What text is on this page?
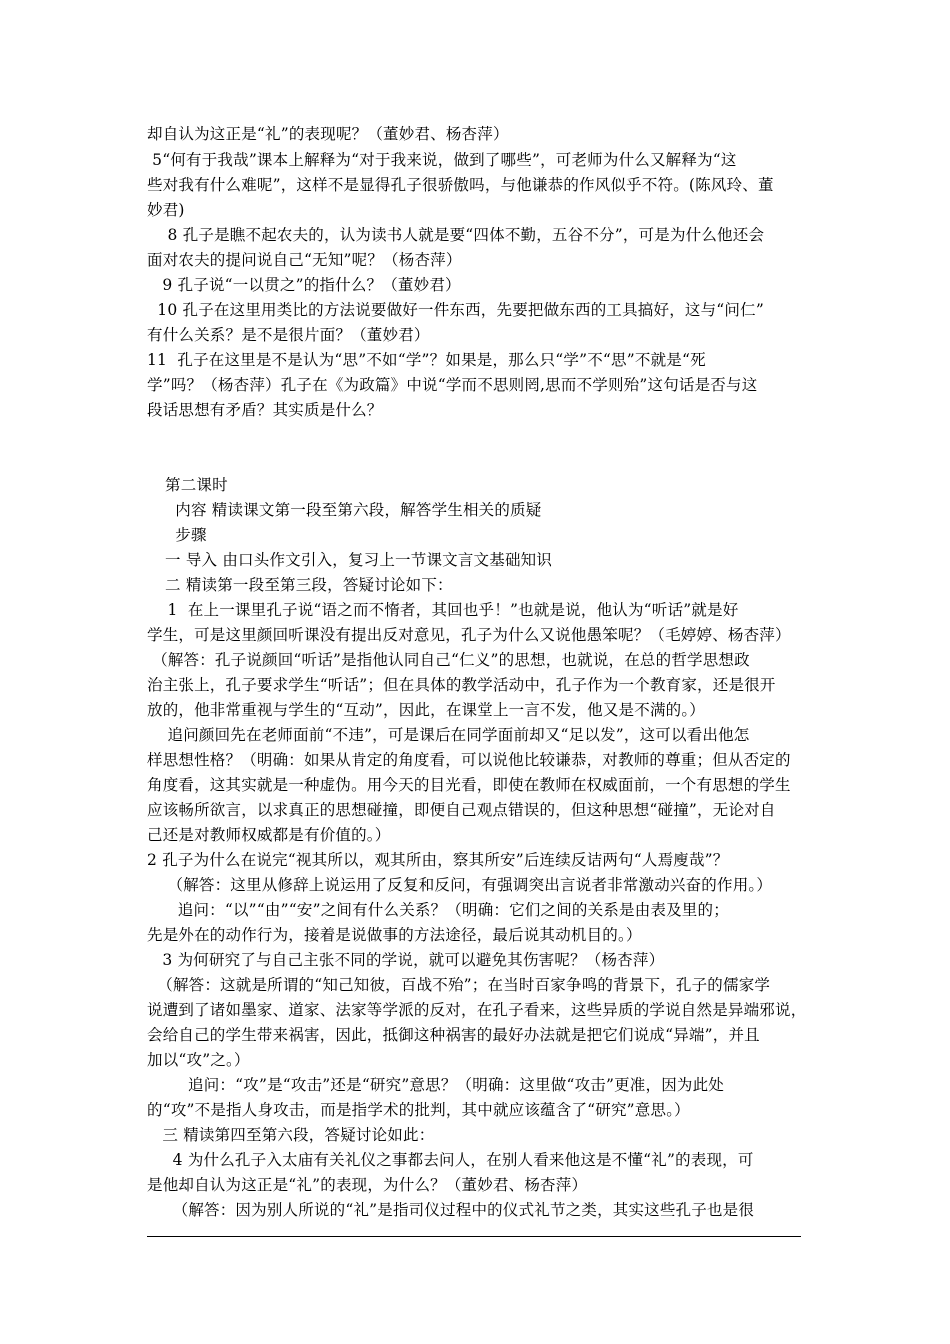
却自认为这正是“礼”的表现呢？（董妙君、杨杏萍）
5“何有于我哉”课本上解释为“对于我来说，做到了哪些”，可老师为什么又解释为“这
些对我有什么难呢”，这样不是显得孔子很骄傲吗，与他谦恭的作风似乎不符。(陈风玲、董
妙君)
8 孔子是瞧不起农夫的，认为读书人就是要“四体不勤，五谷不分”，可是为什么他还会
面对农夫的提问说自己“无知”呢？（杨杏萍）
9 孔子说“一以贯之”的指什么？（董妙君）
10 孔子在这里用类比的方法说要做好一件东西，先要把做东西的工具搞好，这与“问仁”
有什么关系？是不是很片面？（董妙君）
11  孔子在这里是不是认为“思”不如“学”？如果是，那么只“学”不“思”不就是“死
学”吗？（杨杏萍）孔子在《为政篇》中说“学而不思则罔,思而不学则殆”这句话是否与这
段话思想有矛盾？其实质是什么？
第二课时
内容 精读课文第一段至第六段，解答学生相关的质疑
步骤
一 导入 由口头作文引入，复习上一节课文言文基础知识
二 精读第一段至第三段，答疑讨论如下：
1  在上一课里孔子说“语之而不惰者，其回也乎！”也就是说，他认为“听话”就是好
学生，可是这里颜回听课没有提出反对意见，孔子为什么又说他愚笨呢？（毛婷婷、杨杏萍）
（解答：孔子说颜回“听话”是指他认同自己“仁义”的思想，也就说，在总的哲学思想政
治主张上，孔子要求学生“听话”；但在具体的教学活动中，孔子作为一个教育家，还是很开
放的，他非常重视与学生的“互动”，因此，在课堂上一言不发，他又是不满的。）
追问颜回先在老师面前“不违”，可是课后在同学面前却又“足以发”，这可以看出他怎
样思想性格？（明确：如果从肯定的角度看，可以说他比较谦恭，对教师的尊重；但从否定的
角度看，这其实就是一种虚伪。用今天的目光看，即使在教师在权威面前，一个有思想的学生
应该畅所欲言，以求真正的思想碰撞，即便自己观点错误的，但这种思想“碰撞”，无论对自
己还是对教师权威都是有价值的。）
2 孔子为什么在说完“视其所以，观其所由，察其所安”后连续反诘两句“人焉廋哉”？
（解答：这里从修辞上说运用了反复和反问，有强调突出言说者非常激动兴奋的作用。）
追问：“以”“由”“安”之间有什么关系？（明确：它们之间的关系是由表及里的；
先是外在的动作行为，接着是说做事的方法途径，最后说其动机目的。）
3 为何研究了与自己主张不同的学说，就可以避免其伤害呢？（杨杏萍）
（解答：这就是所谓的“知己知彼，百战不殆”；在当时百家争鸣的背景下，孔子的儒家学
说遭到了诸如墨家、道家、法家等学派的反对，在孔子看来，这些异质的学说自然是异端邪说，
会给自己的学生带来祸害，因此，抵御这种祸害的最好办法就是把它们说成“异端”，并且
加以“攻”之。）
追问：“攻”是“攻击”还是“研究”意思？（明确：这里做“攻击”更准，因为此处
的“攻”不是指人身攻击，而是指学术的批判，其中就应该蕴含了“研究”意思。）
三 精读第四至第六段，答疑讨论如此：
4 为什么孔子入太庙有关礼仪之事都去问人，在别人看来他这是不懂“礼”的表现，可
是他却自认为这正是“礼”的表现，为什么？（董妙君、杨杏萍）
（解答：因为别人所说的“礼”是指司仪过程中的仪式礼节之类，其实这些孔子也是很
